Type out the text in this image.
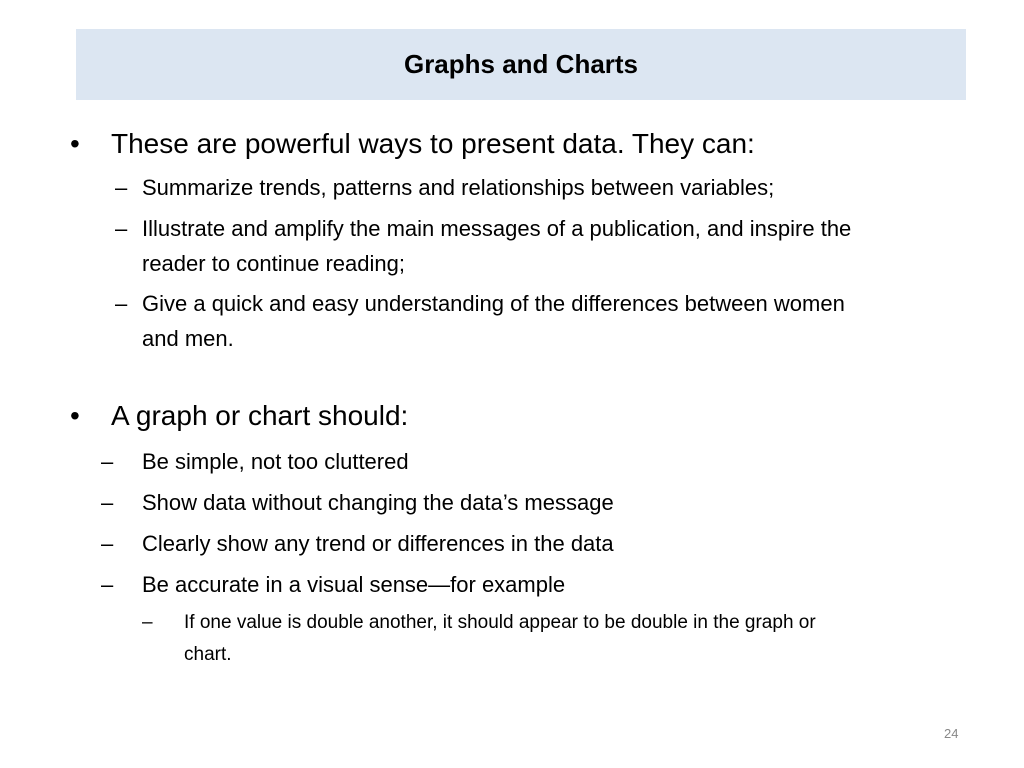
Graphs and Charts
• These are powerful ways to present data. They can:
– Summarize trends, patterns and relationships between variables;
– Illustrate and amplify the main messages of a publication, and inspire the
reader to continue reading;
– Give a quick and easy understanding of the differences between women
and men.
• A graph or chart should:
– Be simple, not too cluttered
– Show data without changing the data’s message
– Clearly show any trend or differences in the data
– Be accurate in a visual sense—for example
– If one value is double another, it should appear to be double in the graph or
chart.
24
